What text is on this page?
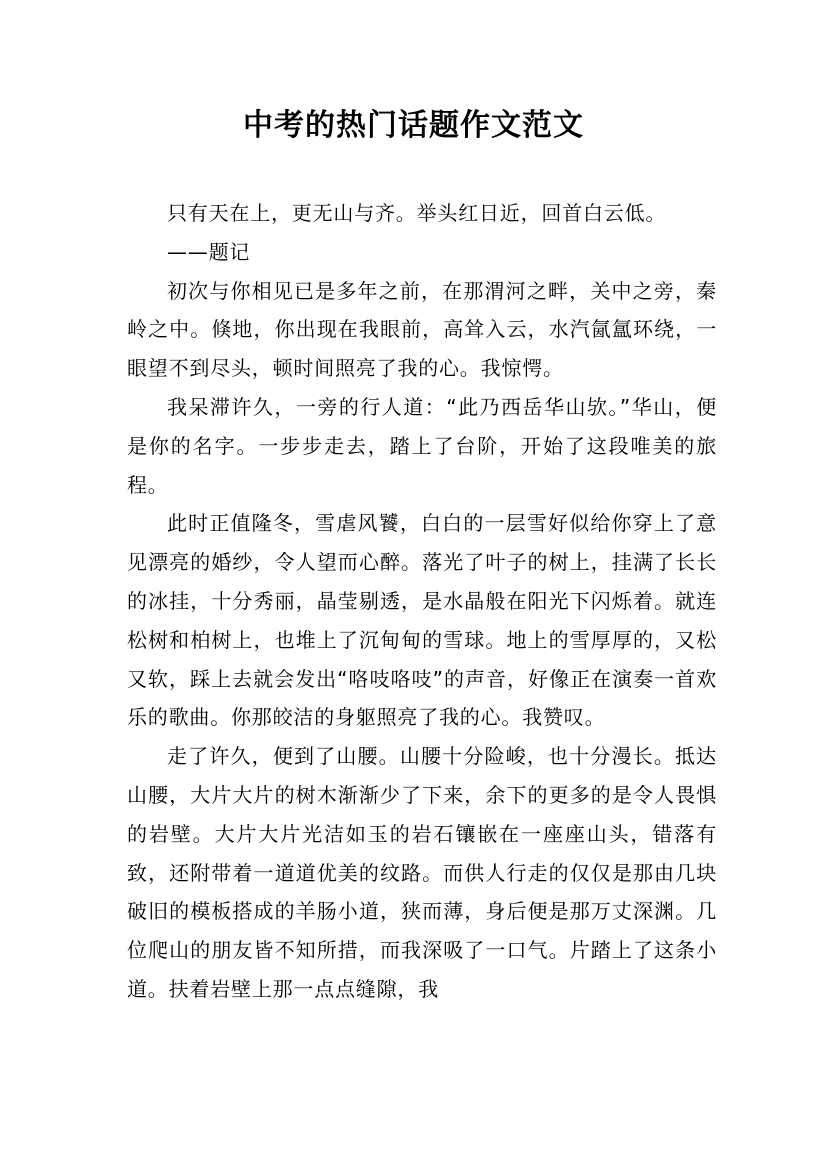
中考的热门话题作文范文

只有天在上，更无山与齐。举头红日近，回首白云低。

——题记

初次与你相见已是多年之前，在那渭河之畔，关中之旁，秦岭之中。倏地，你出现在我眼前，高耸入云，水汽氤氲环绕，一眼望不到尽头，顿时间照亮了我的心。我惊愕。

我呆滞许久，一旁的行人道：“此乃西岳华山欤。”华山，便是你的名字。一步步走去，踏上了台阶，开始了这段唯美的旅程。

此时正值隆冬，雪虐风饕，白白的一层雪好似给你穿上了意见漂亮的婚纱，令人望而心醉。落光了叶子的树上，挂满了长长的冰挂，十分秀丽，晶莹剔透，是水晶般在阳光下闪烁着。就连松树和柏树上，也堆上了沉甸甸的雪球。地上的雪厚厚的，又松又软，踩上去就会发出“咯吱咯吱”的声音，好像正在演奏一首欢乐的歌曲。你那皎洁的身躯照亮了我的心。我赞叹。

走了许久，便到了山腰。山腰十分险峻，也十分漫长。抵达山腰，大片大片的树木渐渐少了下来，余下的更多的是令人畏惧的岩壁。大片大片光洁如玉的岩石镶嵌在一座座山头，错落有致，还附带着一道道优美的纹路。而供人行走的仅仅是那由几块破旧的模板搭成的羊肠小道，狭而薄，身后便是那万丈深渊。几位爬山的朋友皆不知所措，而我深吸了一口气。片踏上了这条小道。扶着岩壁上那一点点缝隙，我
